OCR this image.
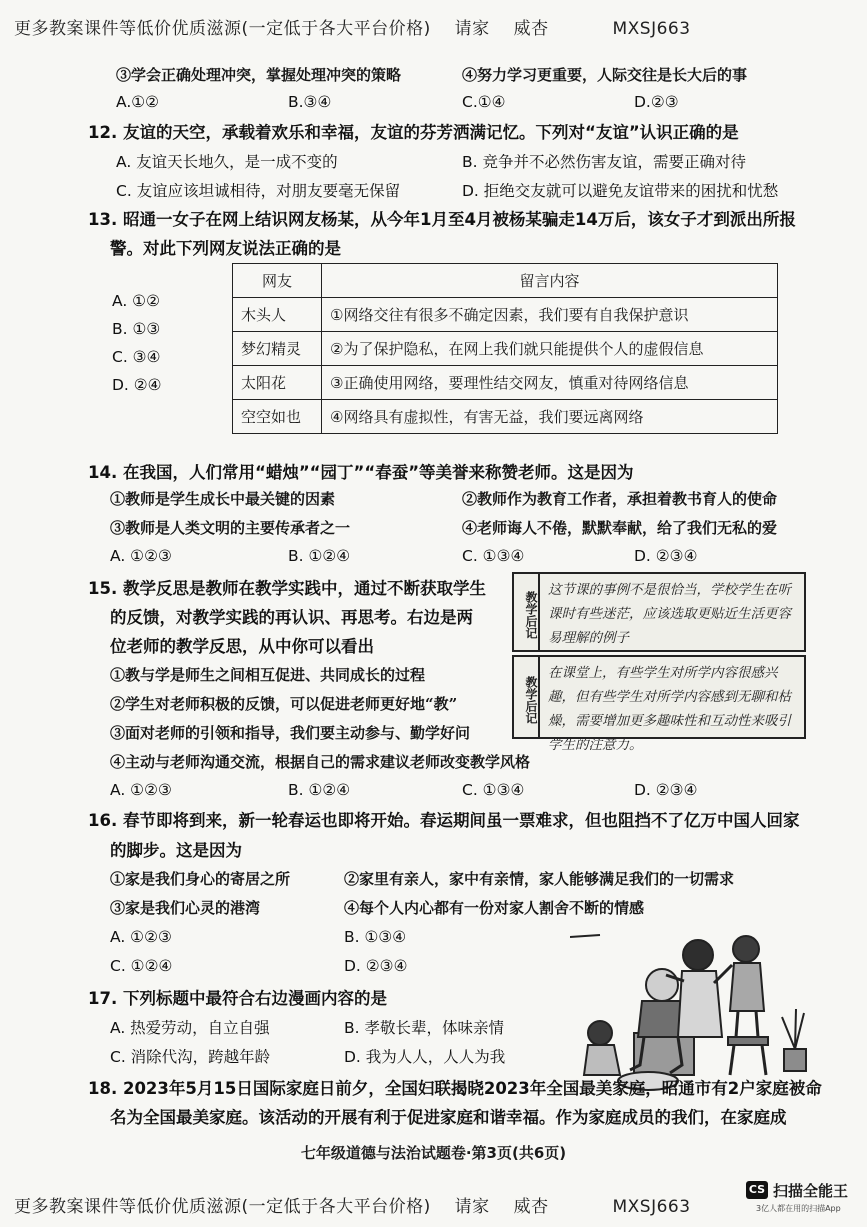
更多教案课件等低价优质滋源(一定低于各大平台价格) 请家 威杏	MXSJ663
③学会正确处理冲突，掌握处理冲突的策略	④努力学习更重要，人际交往是长大后的事
A.①②	B.③④	C.①④	D.②③
12. 友谊的天空，承载着欢乐和幸福，友谊的芬芳洒满记忆。下列对“友谊”认识正确的是
A. 友谊天长地久，是一成不变的	B. 竞争并不必然伤害友谊，需要正确对待
C. 友谊应该坦诚相待，对朋友要毫无保留	D. 拒绝交友就可以避免友谊带来的困扰和忧愁
13. 昭通一女子在网上结识网友杨某，从今年1月至4月被杨某骗走14万后，该女子才到派出所报
警。对此下列网友说法正确的是
A. ①②
B. ①③
C. ③④
D. ②④
网友	留言内容
木头人	①网络交往有很多不确定因素，我们要有自我保护意识
梦幻精灵	②为了保护隐私，在网上我们就只能提供个人的虚假信息
太阳花	③正确使用网络，要理性结交网友，慎重对待网络信息
空空如也	④网络具有虚拟性，有害无益，我们要远离网络
14. 在我国，人们常用“蜡烛”“园丁”“春蚕”等美誉来称赞老师。这是因为
①教师是学生成长中最关键的因素	②教师作为教育工作者，承担着教书育人的使命
③教师是人类文明的主要传承者之一	④老师诲人不倦，默默奉献，给了我们无私的爱
A. ①②③	B. ①②④	C. ①③④	D. ②③④
15. 教学反思是教师在教学实践中，通过不断获取学生
的反馈，对教学实践的再认识、再思考。右边是两
位老师的教学反思，从中你可以看出
①教与学是师生之间相互促进、共同成长的过程
②学生对老师积极的反馈，可以促进老师更好地“教”
③面对老师的引领和指导，我们要主动参与、勤学好问
④主动与老师沟通交流，根据自己的需求建议老师改变教学风格
A. ①②③	B. ①②④	C. ①③④	D. ②③④
教学后记
这节课的事例不是很恰当，学校学生在听课时有些迷茫，应该选取更贴近生活更容易理解的例子
教学后记
在课堂上，有些学生对所学内容很感兴趣，但有些学生对所学内容感到无聊和枯燥，需要增加更多趣味性和互动性来吸引学生的注意力。
16. 春节即将到来，新一轮春运也即将开始。春运期间虽一票难求，但也阻挡不了亿万中国人回家
的脚步。这是因为
①家是我们身心的寄居之所	②家里有亲人，家中有亲情，家人能够满足我们的一切需求
③家是我们心灵的港湾	④每个人内心都有一份对家人割舍不断的情感
A. ①②③	B. ①③④
C. ①②④	D. ②③④
17. 下列标题中最符合右边漫画内容的是
A. 热爱劳动，自立自强	B. 孝敬长辈，体味亲情
C. 消除代沟，跨越年龄	D. 我为人人，人人为我
18. 2023年5月15日国际家庭日前夕，全国妇联揭晓2023年全国最美家庭，昭通市有2户家庭被命
名为全国最美家庭。该活动的开展有利于促进家庭和谐幸福。作为家庭成员的我们，在家庭成
七年级道德与法治试题卷·第3页(共6页)
更多教案课件等低价优质滋源(一定低于各大平台价格) 请家 威杏	MXSJ663
CS 扫描全能王
3亿人都在用的扫描App
